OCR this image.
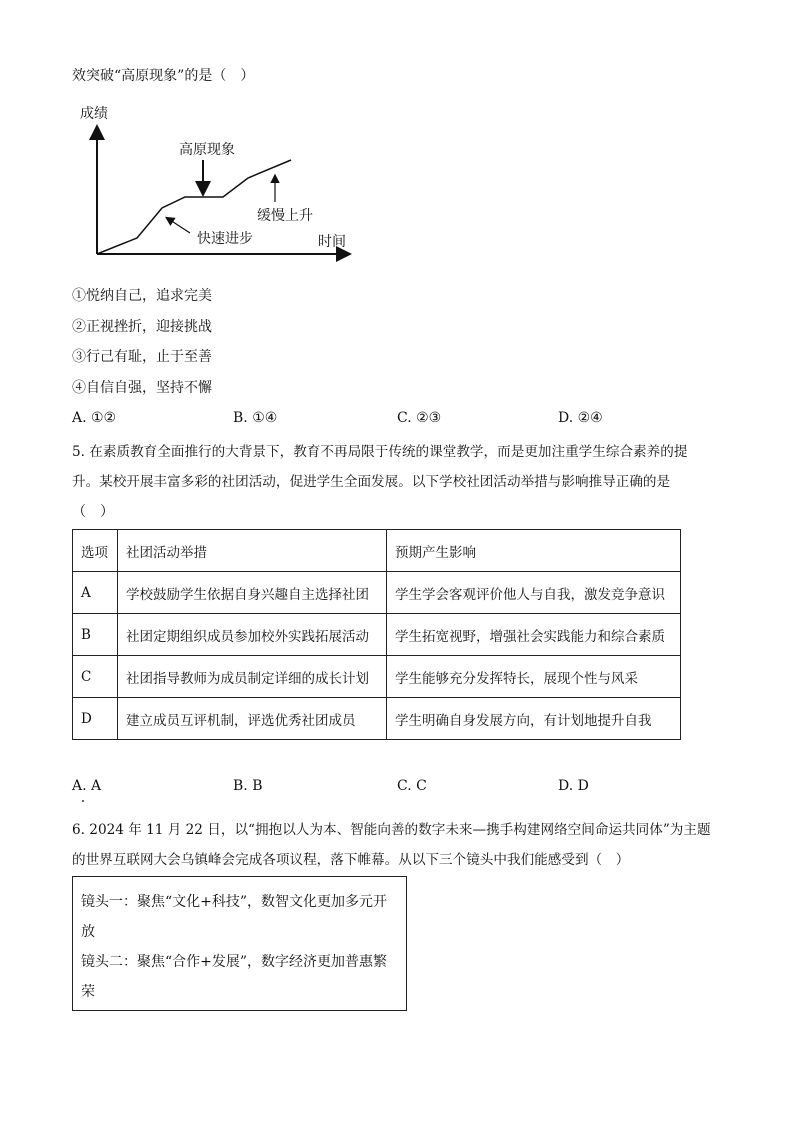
效突破“高原现象”的是（　）
成绩
时间
高原现象
缓慢上升
快速进步
①悦纳自己，追求完美
②正视挫折，迎接挑战
③行己有耻，止于至善
④自信自强，坚持不懈
A. ①②	B. ①④	C. ②③	D. ②④
5. 在素质教育全面推行的大背景下，教育不再局限于传统的课堂教学，而是更加注重学生综合素养的提
升。某校开展丰富多彩的社团活动，促进学生全面发展。以下学校社团活动举措与影响推导正确的是
（　）
选项	社团活动举措	预期产生影响
A	学校鼓励学生依据自身兴趣自主选择社团	学生学会客观评价他人与自我，激发竞争意识
B	社团定期组织成员参加校外实践拓展活动	学生拓宽视野，增强社会实践能力和综合素质
C	社团指导教师为成员制定详细的成长计划	学生能够充分发挥特长，展现个性与风采
D	建立成员互评机制，评选优秀社团成员	学生明确自身发展方向，有计划地提升自我
A. A	B. B	C. C	D. D
6. 2024 年 11 月 22 日，以“拥抱以人为本、智能向善的数字未来—携手构建网络空间命运共同体”为主题
的世界互联网大会乌镇峰会完成各项议程，落下帷幕。从以下三个镜头中我们能感受到（　）
镜头一：聚焦“文化+科技”，数智文化更加多元开
放
镜头二：聚焦“合作+发展”，数字经济更加普惠繁
荣
